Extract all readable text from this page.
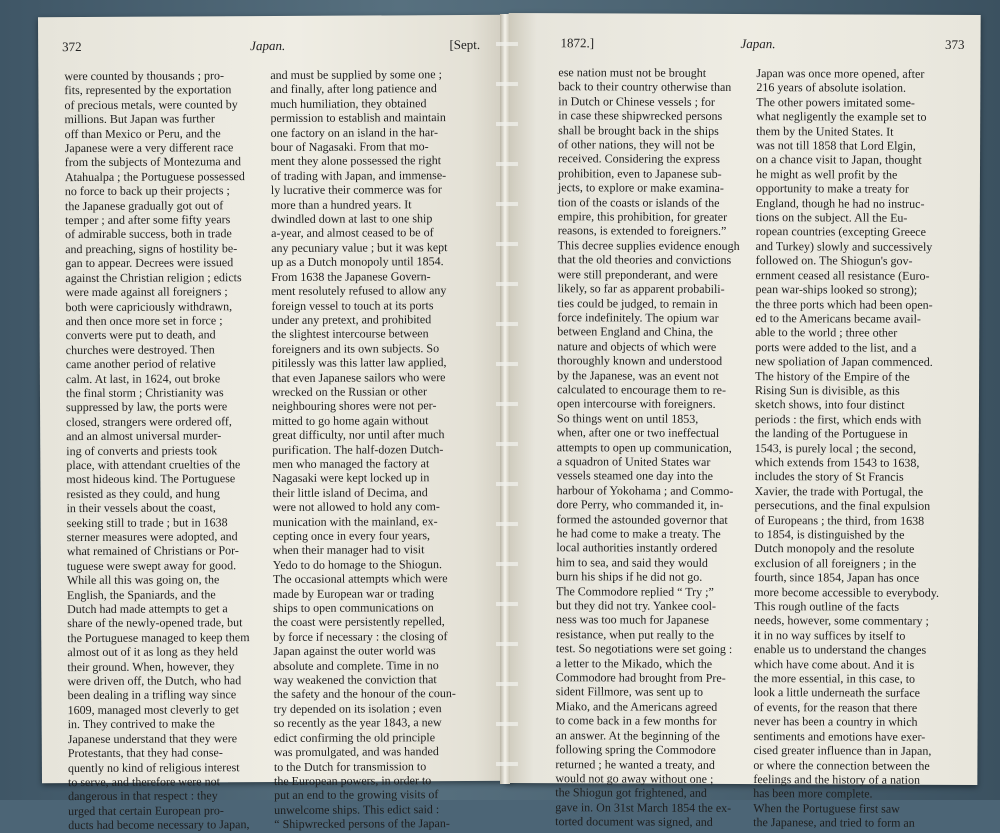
372	Japan.	[Sept.
were counted by thousands ; pro-
fits, represented by the exportation
of precious metals, were counted by
millions. But Japan was further
off than Mexico or Peru, and the
Japanese were a very different race
from the subjects of Montezuma and
Atahualpa ; the Portuguese possessed
no force to back up their projects ;
the Japanese gradually got out of
temper ; and after some fifty years
of admirable success, both in trade
and preaching, signs of hostility be-
gan to appear. Decrees were issued
against the Christian religion ; edicts
were made against all foreigners ;
both were capriciously withdrawn,
and then once more set in force ;
converts were put to death, and
churches were destroyed. Then
came another period of relative
calm. At last, in 1624, out broke
the final storm ; Christianity was
suppressed by law, the ports were
closed, strangers were ordered off,
and an almost universal murder-
ing of converts and priests took
place, with attendant cruelties of the
most hideous kind. The Portuguese
resisted as they could, and hung
in their vessels about the coast,
seeking still to trade ; but in 1638
sterner measures were adopted, and
what remained of Christians or Por-
tuguese were swept away for good.
While all this was going on, the
English, the Spaniards, and the
Dutch had made attempts to get a
share of the newly-opened trade, but
the Portuguese managed to keep them
almost out of it as long as they held
their ground. When, however, they
were driven off, the Dutch, who had
been dealing in a trifling way since
1609, managed most cleverly to get
in. They contrived to make the
Japanese understand that they were
Protestants, that they had conse-
quently no kind of religious interest
to serve, and therefore were not
dangerous in that respect : they
urged that certain European pro-
ducts had become necessary to Japan,
and must be supplied by some one ;
and finally, after long patience and
much humiliation, they obtained
permission to establish and maintain
one factory on an island in the har-
bour of Nagasaki. From that mo-
ment they alone possessed the right
of trading with Japan, and immense-
ly lucrative their commerce was for
more than a hundred years. It
dwindled down at last to one ship
a-year, and almost ceased to be of
any pecuniary value ; but it was kept
up as a Dutch monopoly until 1854.
From 1638 the Japanese Govern-
ment resolutely refused to allow any
foreign vessel to touch at its ports
under any pretext, and prohibited
the slightest intercourse between
foreigners and its own subjects. So
pitilessly was this latter law applied,
that even Japanese sailors who were
wrecked on the Russian or other
neighbouring shores were not per-
mitted to go home again without
great difficulty, nor until after much
purification. The half-dozen Dutch-
men who managed the factory at
Nagasaki were kept locked up in
their little island of Decima, and
were not allowed to hold any com-
munication with the mainland, ex-
cepting once in every four years,
when their manager had to visit
Yedo to do homage to the Shiogun.
The occasional attempts which were
made by European war or trading
ships to open communications on
the coast were persistently repelled,
by force if necessary : the closing of
Japan against the outer world was
absolute and complete. Time in no
way weakened the conviction that
the safety and the honour of the coun-
try depended on its isolation ; even
so recently as the year 1843, a new
edict confirming the old principle
was promulgated, and was handed
to the Dutch for transmission to
the European powers, in order to
put an end to the growing visits of
unwelcome ships. This edict said :
“ Shipwrecked persons of the Japan-
1872.]	Japan.	373
ese nation must not be brought
back to their country otherwise than
in Dutch or Chinese vessels ; for
in case these shipwrecked persons
shall be brought back in the ships
of other nations, they will not be
received. Considering the express
prohibition, even to Japanese sub-
jects, to explore or make examina-
tion of the coasts or islands of the
empire, this prohibition, for greater
reasons, is extended to foreigners.”
This decree supplies evidence enough
that the old theories and convictions
were still preponderant, and were
likely, so far as apparent probabili-
ties could be judged, to remain in
force indefinitely. The opium war
between England and China, the
nature and objects of which were
thoroughly known and understood
by the Japanese, was an event not
calculated to encourage them to re-
open intercourse with foreigners.
So things went on until 1853,
when, after one or two ineffectual
attempts to open up communication,
a squadron of United States war
vessels steamed one day into the
harbour of Yokohama ; and Commo-
dore Perry, who commanded it, in-
formed the astounded governor that
he had come to make a treaty. The
local authorities instantly ordered
him to sea, and said they would
burn his ships if he did not go.
The Commodore replied “ Try ;”
but they did not try. Yankee cool-
ness was too much for Japanese
resistance, when put really to the
test. So negotiations were set going :
a letter to the Mikado, which the
Commodore had brought from Pre-
sident Fillmore, was sent up to
Miako, and the Americans agreed
to come back in a few months for
an answer. At the beginning of the
following spring the Commodore
returned ; he wanted a treaty, and
would not go away without one ;
the Shiogun got frightened, and
gave in. On 31st March 1854 the ex-
torted document was signed, and
Japan was once more opened, after
216 years of absolute isolation.
The other powers imitated some-
what negligently the example set to
them by the United States. It
was not till 1858 that Lord Elgin,
on a chance visit to Japan, thought
he might as well profit by the
opportunity to make a treaty for
England, though he had no instruc-
tions on the subject. All the Eu-
ropean countries (excepting Greece
and Turkey) slowly and successively
followed on. The Shiogun's gov-
ernment ceased all resistance (Euro-
pean war-ships looked so strong);
the three ports which had been open-
ed to the Americans became avail-
able to the world ; three other
ports were added to the list, and a
new spoliation of Japan commenced.
The history of the Empire of the
Rising Sun is divisible, as this
sketch shows, into four distinct
periods : the first, which ends with
the landing of the Portuguese in
1543, is purely local ; the second,
which extends from 1543 to 1638,
includes the story of St Francis
Xavier, the trade with Portugal, the
persecutions, and the final expulsion
of Europeans ; the third, from 1638
to 1854, is distinguished by the
Dutch monopoly and the resolute
exclusion of all foreigners ; in the
fourth, since 1854, Japan has once
more become accessible to everybody.
This rough outline of the facts
needs, however, some commentary ;
it in no way suffices by itself to
enable us to understand the changes
which have come about. And it is
the more essential, in this case, to
look a little underneath the surface
of events, for the reason that there
never has been a country in which
sentiments and emotions have exer-
cised greater influence than in Japan,
or where the connection between the
feelings and the history of a nation
has been more complete.
When the Portuguese first saw
the Japanese, and tried to form an
